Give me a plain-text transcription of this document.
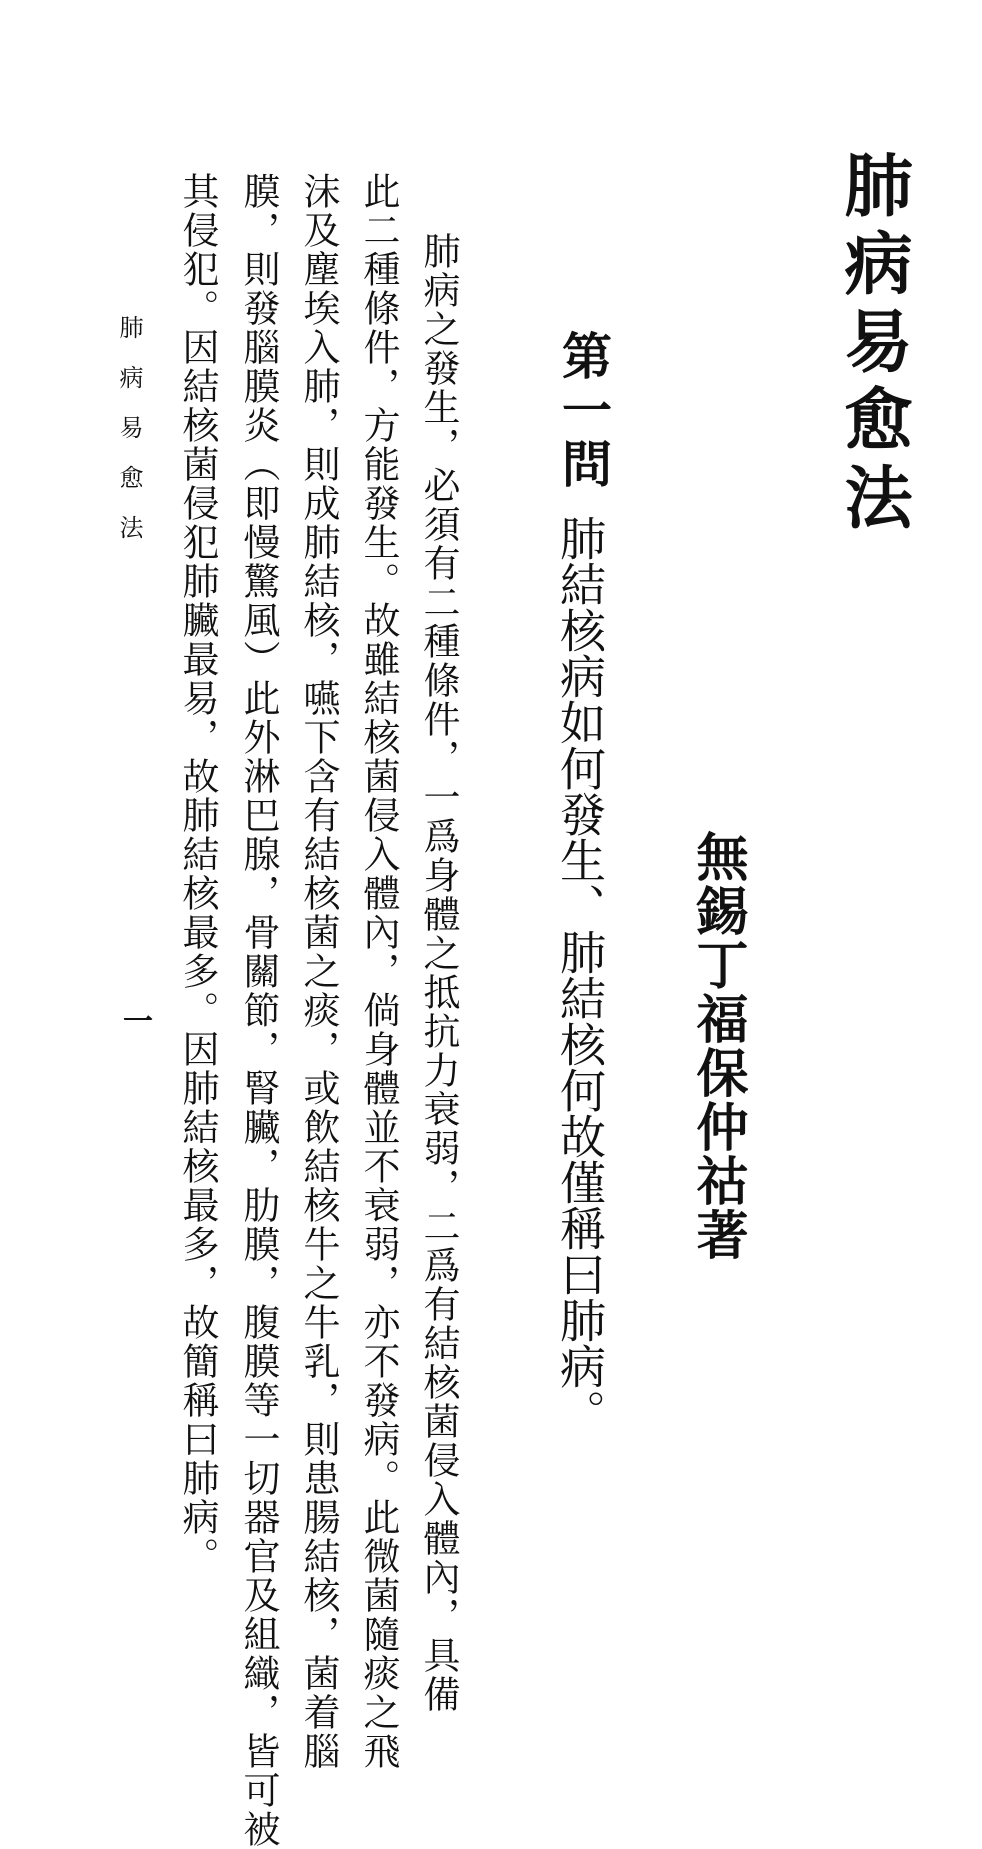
肺病易愈法
無錫丁福保仲祜著
第一問
肺結核病如何發生、肺結核何故僅稱曰肺病。

肺病之發生，必須有二種條件，一爲身體之抵抗力衰弱，二爲有結核菌侵入體內，具備

此二種條件，方能發生。故雖結核菌侵入體內，倘身體並不衰弱，亦不發病。此微菌隨痰之飛

沫及塵埃入肺，則成肺結核，嚥下含有結核菌之痰，或飲結核牛之牛乳，則患腸結核，菌着腦

膜，則發腦膜炎（即慢驚風）此外淋巴腺，骨關節，腎臟，肋膜，腹膜等一切器官及組織，皆可被

其侵犯。因結核菌侵犯肺臟最易，故肺結核最多。因肺結核最多，故簡稱曰肺病。

肺病易愈法
一
